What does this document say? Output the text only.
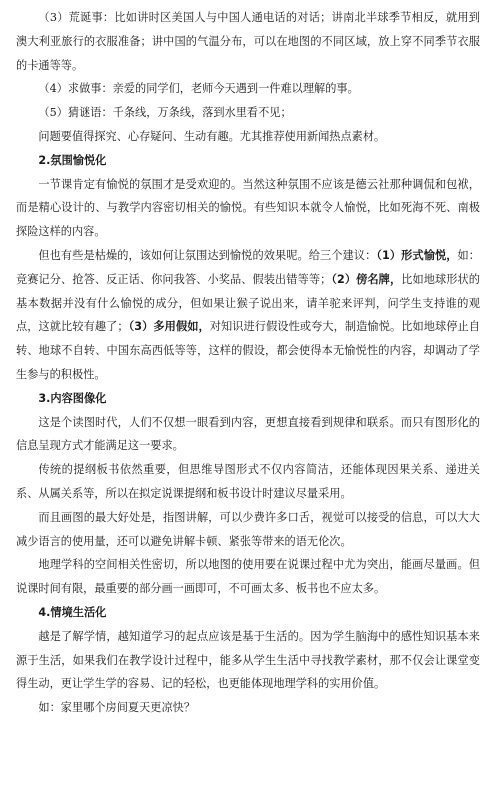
（3）荒诞事：比如讲时区美国人与中国人通电话的对话；讲南北半球季节相反，就用到澳大利亚旅行的衣服准备；讲中国的气温分布，可以在地图的不同区域，放上穿不同季节衣服的卡通等等。

（4）求做事：亲爱的同学们，老师今天遇到一件难以理解的事。

（5）猜谜语：千条线，万条线，落到水里看不见；

问题要值得探究、心存疑问、生动有趣。尤其推荐使用新闻热点素材。

2.氛围愉悦化

一节课肯定有愉悦的氛围才是受欢迎的。当然这种氛围不应该是德云社那种调侃和包袱，而是精心设计的、与教学内容密切相关的愉悦。有些知识本就令人愉悦，比如死海不死、南极探险这样的内容。

但也有些是枯燥的，该如何让氛围达到愉悦的效果呢。给三个建议：（1）形式愉悦，如：竞赛记分、抢答、反正话、你问我答、小奖品、假装出错等等；（2）傍名牌，比如地球形状的基本数据并没有什么愉悦的成分，但如果让猴子说出来，请羊驼来评判，问学生支持谁的观点，这就比较有趣了；（3）多用假如，对知识进行假设性或夸大，制造愉悦。比如地球停止自转、地球不自转、中国东高西低等等，这样的假设，都会使得本无愉悦性的内容，却调动了学生参与的积极性。

3.内容图像化

这是个读图时代，人们不仅想一眼看到内容，更想直接看到规律和联系。而只有图形化的信息呈现方式才能满足这一要求。

传统的提纲板书依然重要，但思维导图形式不仅内容简洁，还能体现因果关系、递进关系、从属关系等，所以在拟定说课提纲和板书设计时建议尽量采用。

而且画图的最大好处是，指图讲解，可以少费许多口舌，视觉可以接受的信息，可以大大减少语言的使用量，还可以避免讲解卡顿、紧张等带来的语无伦次。

地理学科的空间相关性密切，所以地图的使用要在说课过程中尤为突出，能画尽量画。但说课时间有限，最重要的部分画一画即可，不可画太多、板书也不应太多。

4.情境生活化

越是了解学情，越知道学习的起点应该是基于生活的。因为学生脑海中的感性知识基本来源于生活，如果我们在教学设计过程中，能多从学生生活中寻找教学素材，那不仅会让课堂变得生动，更让学生学的容易、记的轻松，也更能体现地理学科的实用价值。

如：家里哪个房间夏天更凉快？
